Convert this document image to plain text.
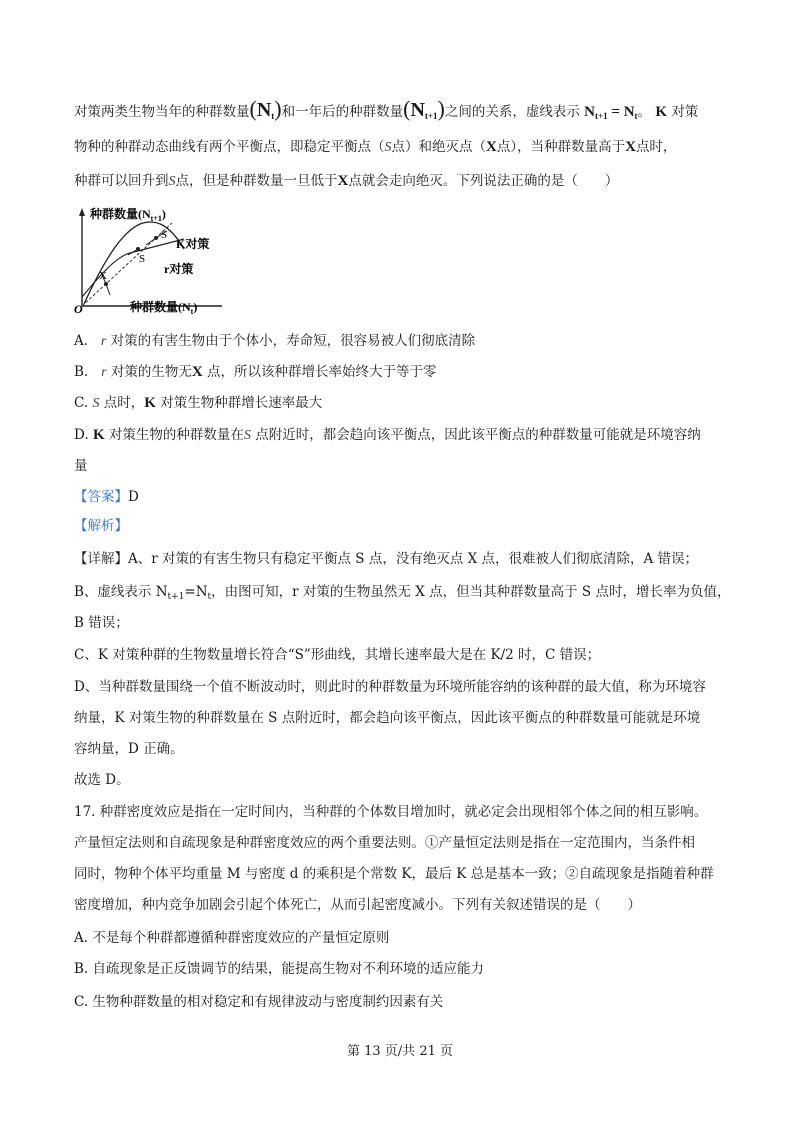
对策两类生物当年的种群数量$(N_t)$和一年后的种群数量$(N_{t+1})$之间的关系，虚线表示 $N_{t+1} = N_t$。 K 对策
物种的种群动态曲线有两个平衡点，即稳定平衡点（S点）和绝灭点（X点），当种群数量高于X点时，
种群可以回升到S点，但是种群数量一旦低于X点就会走向绝灭。下列说法正确的是（　　）
种群数量$(N_{t+1})$
种群数量$(N_t)$
O
S
S
X
K对策
r对策
A. r 对策的有害生物由于个体小，寿命短，很容易被人们彻底清除
B. r 对策的生物无X 点，所以该种群增长率始终大于等于零
C. S 点时，K 对策生物种群增长速率最大
D. K 对策生物的种群数量在S 点附近时，都会趋向该平衡点，因此该平衡点的种群数量可能就是环境容纳
量
【答案】D
【解析】
【详解】A、r 对策的有害生物只有稳定平衡点 S 点，没有绝灭点 X 点，很难被人们彻底清除，A 错误；
B、虚线表示 $N_{t+1}=N_t$，由图可知，r 对策的生物虽然无 X 点，但当其种群数量高于 S 点时，增长率为负值，
B 错误；
C、K 对策种群的生物数量增长符合“S”形曲线，其增长速率最大是在 K/2 时，C 错误；
D、当种群数量围绕一个值不断波动时，则此时的种群数量为环境所能容纳的该种群的最大值，称为环境容
纳量，K 对策生物的种群数量在 S 点附近时，都会趋向该平衡点，因此该平衡点的种群数量可能就是环境
容纳量，D 正确。
故选 D。
17. 种群密度效应是指在一定时间内，当种群的个体数目增加时，就必定会出现相邻个体之间的相互影响。
产量恒定法则和自疏现象是种群密度效应的两个重要法则。①产量恒定法则是指在一定范围内，当条件相
同时，物种个体平均重量 M 与密度 d 的乘积是个常数 K，最后 K 总是基本一致；②自疏现象是指随着种群
密度增加，种内竞争加剧会引起个体死亡，从而引起密度减小。下列有关叙述错误的是（　　）
A. 不是每个种群都遵循种群密度效应的产量恒定原则
B. 自疏现象是正反馈调节的结果，能提高生物对不利环境的适应能力
C. 生物种群数量的相对稳定和有规律波动与密度制约因素有关
第 13 页/共 21 页
